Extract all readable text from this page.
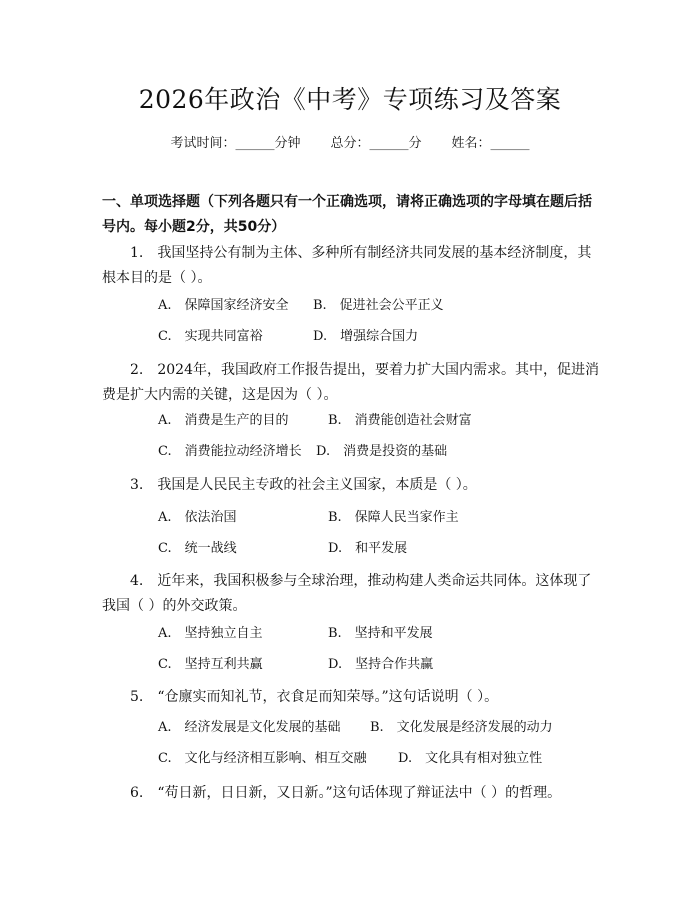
2026年政治《中考》专项练习及答案
考试时间：______分钟 总分：______分 姓名：______
一、单项选择题（下列各题只有一个正确选项，请将正确选项的字母填在题后括号内。每小题2分，共50分）
1.　我国坚持公有制为主体、多种所有制经济共同发展的基本经济制度，其根本目的是（ ）。
A.　保障国家经济安全 B.　促进社会公平正义
C.　实现共同富裕	D.　增强综合国力
2.　2024年，我国政府工作报告提出，要着力扩大国内需求。其中，促进消费是扩大内需的关键，这是因为（ ）。
A.　消费是生产的目的	B.　消费能创造社会财富
C.　消费能拉动经济增长 D.　消费是投资的基础
3.　我国是人民民主专政的社会主义国家，本质是（ ）。
A.　依法治国	B.　保障人民当家作主
C.　统一战线	D.　和平发展
4.　近年来，我国积极参与全球治理，推动构建人类命运共同体。这体现了我国（ ）的外交政策。
A.　坚持独立自主	B.　坚持和平发展
C.　坚持互利共赢	D.　坚持合作共赢
5.　“仓廪实而知礼节，衣食足而知荣辱。”这句话说明（ ）。
A.　经济发展是文化发展的基础 B.　文化发展是经济发展的动力
C.　文化与经济相互影响、相互交融 D.　文化具有相对独立性
6.　“苟日新，日日新，又日新。”这句话体现了辩证法中（ ）的哲理。
